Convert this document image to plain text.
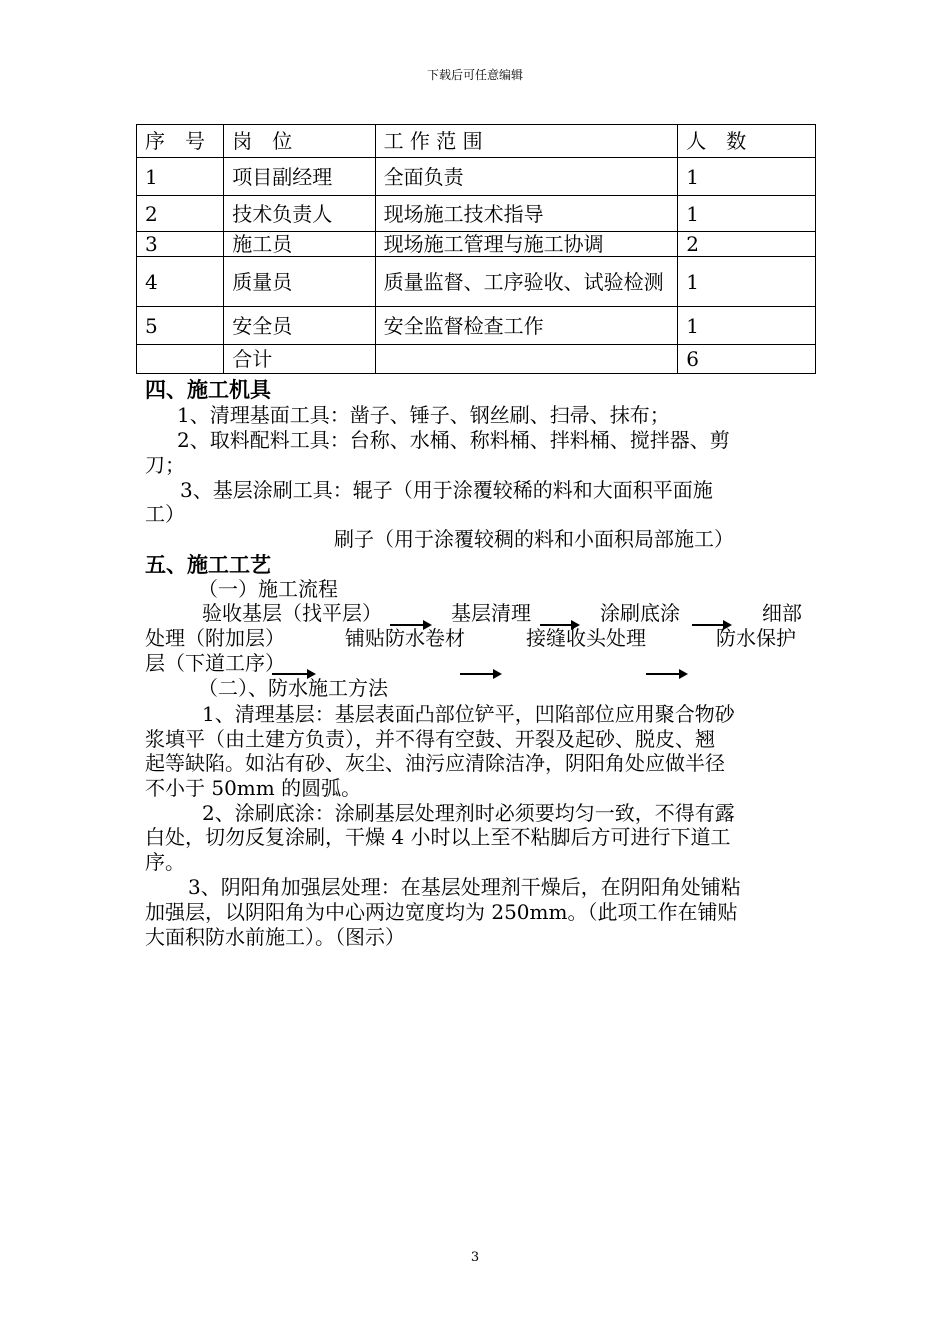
下载后可任意编辑
序　号	岗　位	工 作 范 围	人　数
1	项目副经理	全面负责	1
2	技术负责人	现场施工技术指导	1
3	施工员	现场施工管理与施工协调	2
4	质量员	质量监督、工序验收、试验检测	1
5	安全员	安全监督检查工作	1
	合计		6
四、施工机具
1、清理基面工具：凿子、锤子、钢丝刷、扫帚、抹布；
2、取料配料工具：台称、水桶、称料桶、拌料桶、搅拌器、剪
刀；
3、基层涂刷工具：辊子（用于涂覆较稀的料和大面积平面施
工）
刷子（用于涂覆较稠的料和小面积局部施工）
五、施工工艺
（一）施工流程
验收基层（找平层）	基层清理	涂刷底涂	细部
处理（附加层）	铺贴防水卷材	接缝收头处理	防水保护
层（下道工序）
（二）、防水施工方法
1、清理基层：基层表面凸部位铲平，凹陷部位应用聚合物砂
浆填平（由土建方负责），并不得有空鼓、开裂及起砂、脱皮、翘
起等缺陷。如沾有砂、灰尘、油污应清除洁净，阴阳角处应做半径
不小于 50mm 的圆弧。
2、涂刷底涂：涂刷基层处理剂时必须要均匀一致，不得有露
白处，切勿反复涂刷，干燥 4 小时以上至不粘脚后方可进行下道工
序。
3、阴阳角加强层处理：在基层处理剂干燥后，在阴阳角处铺粘
加强层，以阴阳角为中心两边宽度均为 250mm。（此项工作在铺贴
大面积防水前施工）。（图示）
3
